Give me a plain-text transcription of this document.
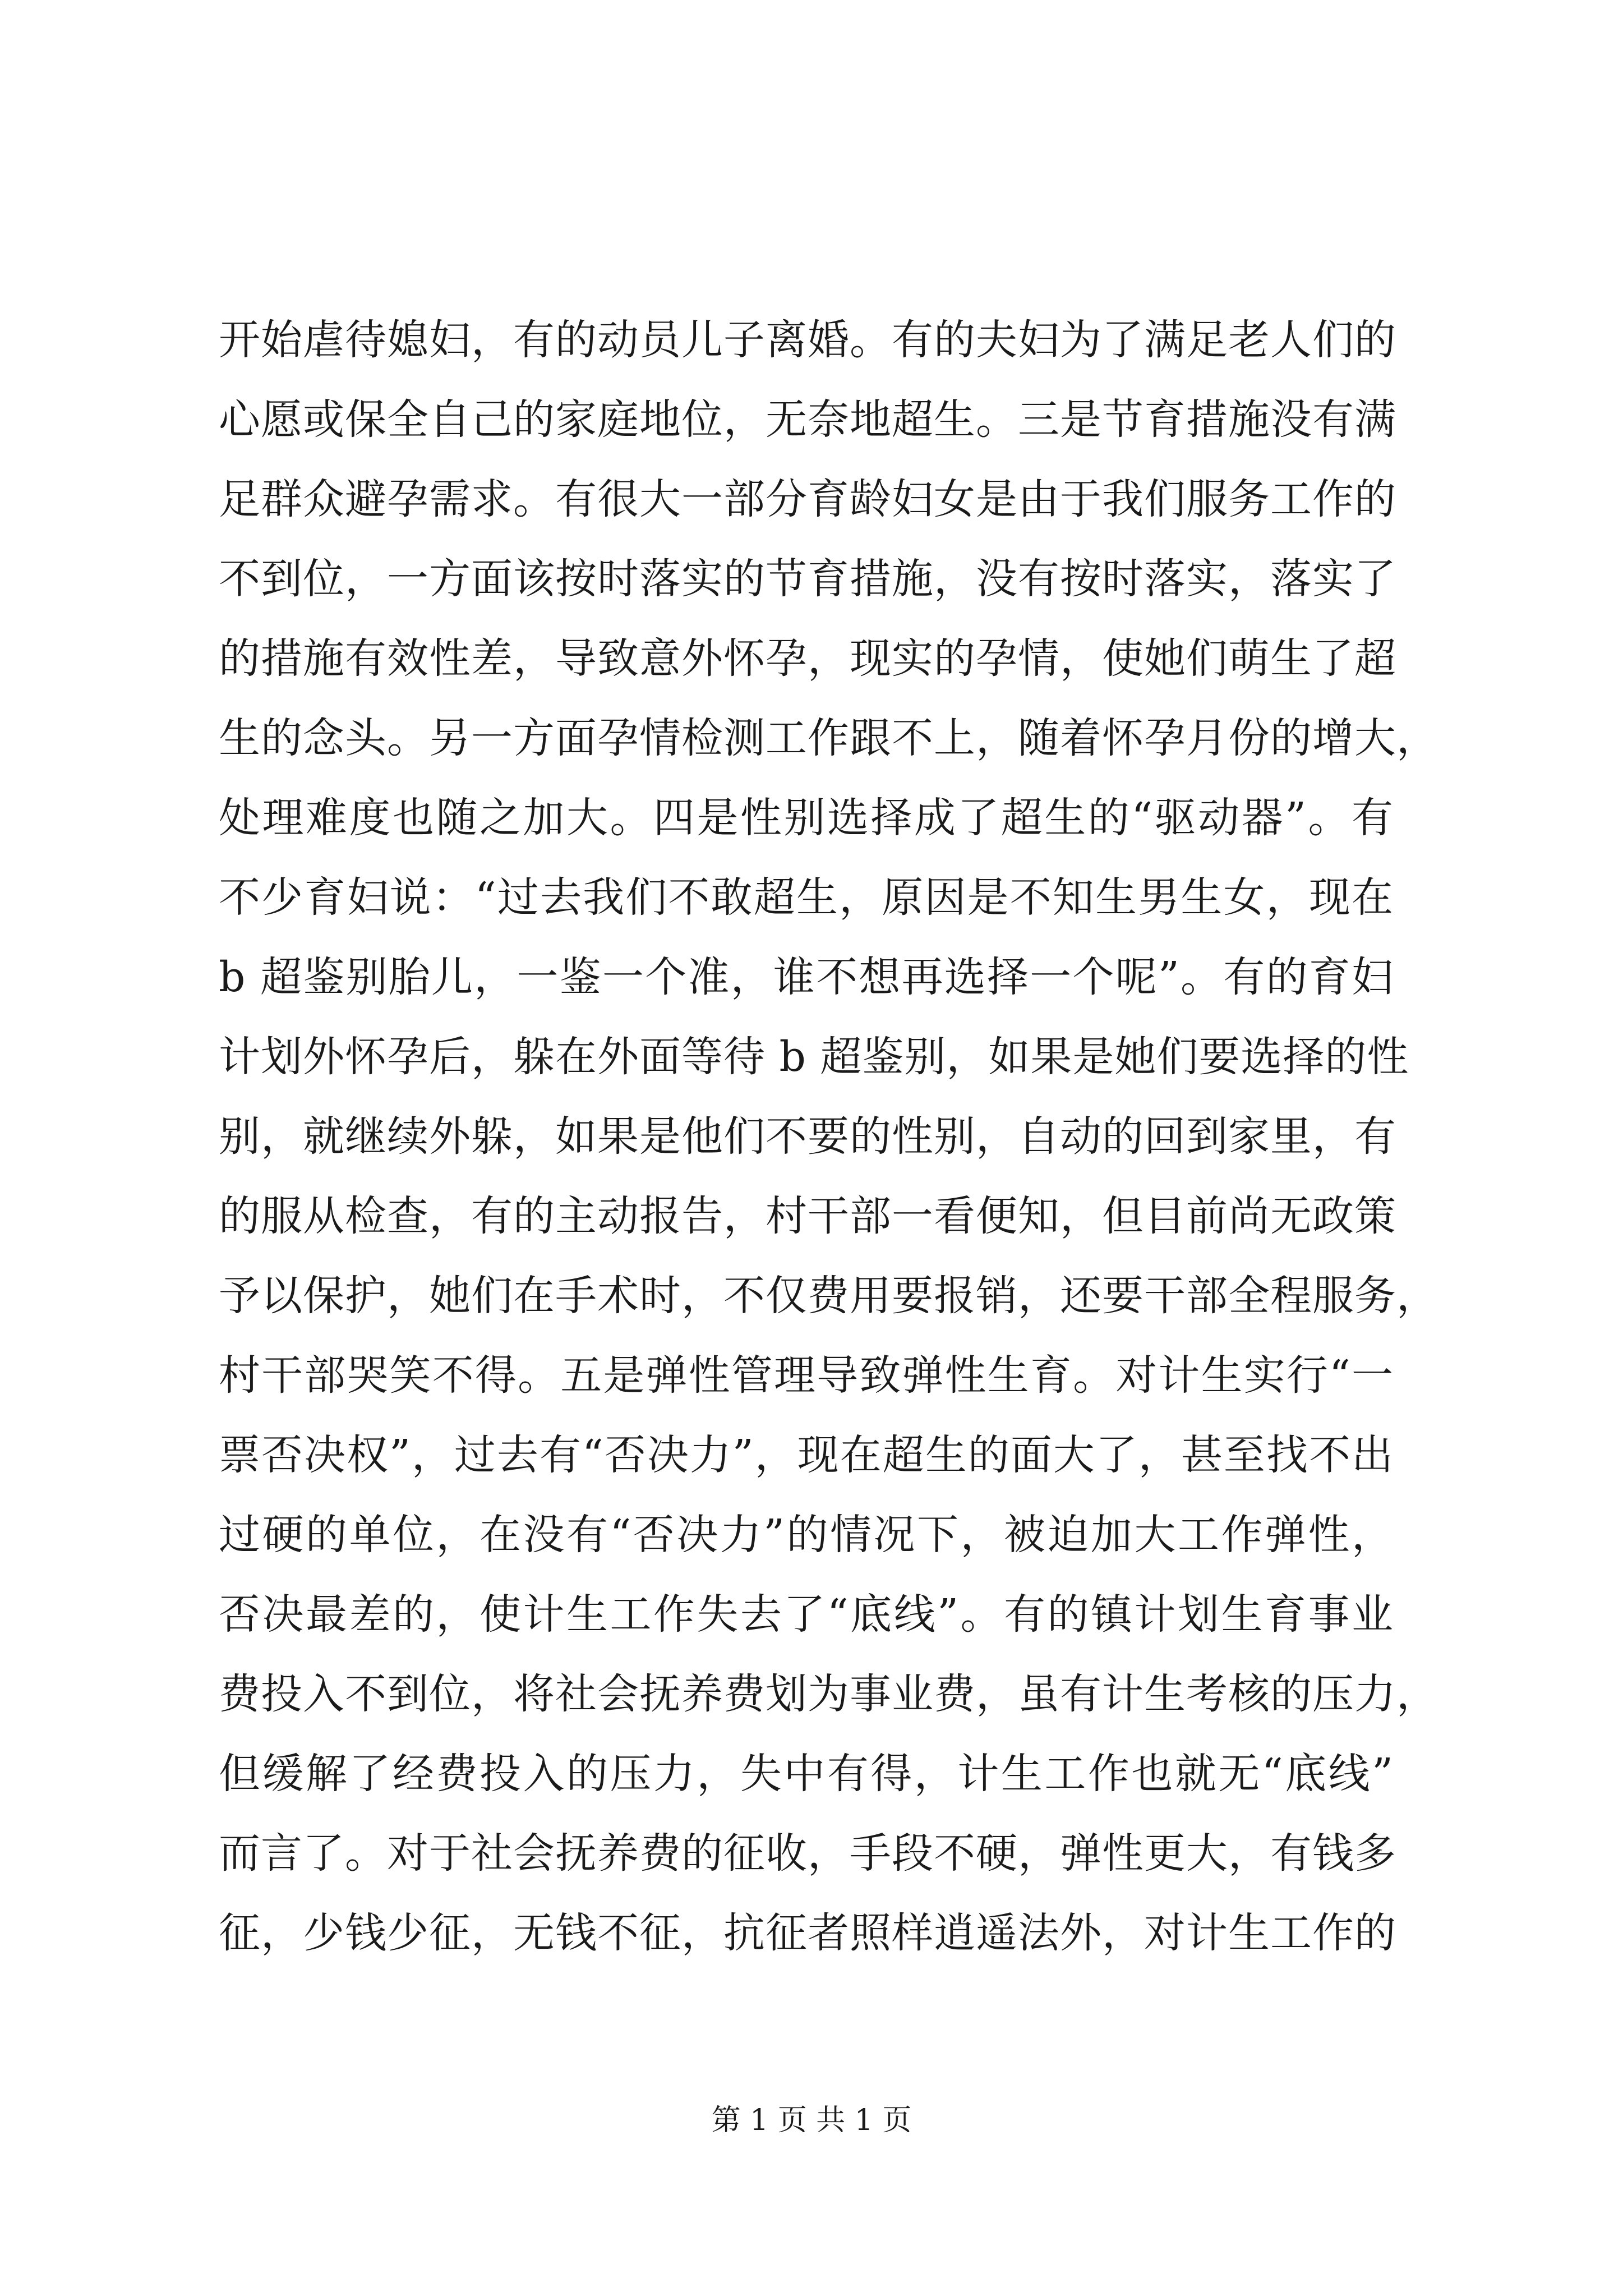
开始虐待媳妇，有的动员儿子离婚。有的夫妇为了满足老人们的
心愿或保全自己的家庭地位，无奈地超生。三是节育措施没有满
足群众避孕需求。有很大一部分育龄妇女是由于我们服务工作的
不到位，一方面该按时落实的节育措施，没有按时落实，落实了
的措施有效性差，导致意外怀孕，现实的孕情，使她们萌生了超
生的念头。另一方面孕情检测工作跟不上，随着怀孕月份的增大，
处理难度也随之加大。四是性别选择成了超生的“驱动器”。有
不少育妇说：“过去我们不敢超生，原因是不知生男生女，现在
b 超鉴别胎儿，一鉴一个准，谁不想再选择一个呢”。有的育妇
计划外怀孕后，躲在外面等待 b 超鉴别，如果是她们要选择的性
别，就继续外躲，如果是他们不要的性别，自动的回到家里，有
的服从检查，有的主动报告，村干部一看便知，但目前尚无政策
予以保护，她们在手术时，不仅费用要报销，还要干部全程服务，
村干部哭笑不得。五是弹性管理导致弹性生育。对计生实行“一
票否决权”，过去有“否决力”，现在超生的面大了，甚至找不出
过硬的单位，在没有“否决力”的情况下，被迫加大工作弹性，
否决最差的，使计生工作失去了“底线”。有的镇计划生育事业
费投入不到位，将社会抚养费划为事业费，虽有计生考核的压力，
但缓解了经费投入的压力，失中有得，计生工作也就无“底线”
而言了。对于社会抚养费的征收，手段不硬，弹性更大，有钱多
征，少钱少征，无钱不征，抗征者照样逍遥法外，对计生工作的
第 1 页 共 1 页
